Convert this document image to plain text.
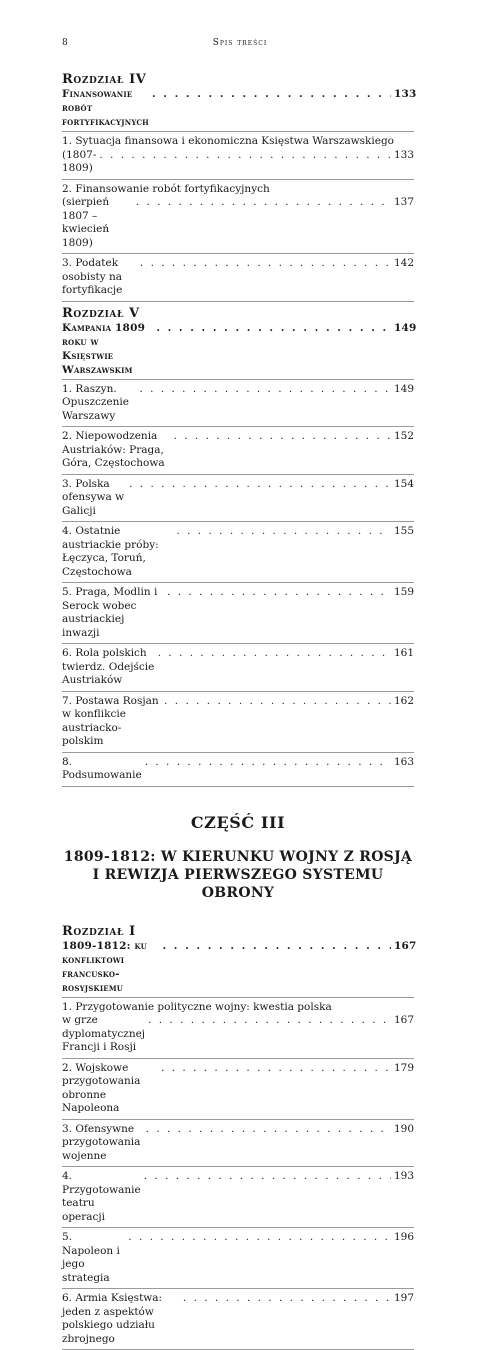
8	Spis treści
Rozdział IV
Finansowanie robót fortyfikacyjnych
. . .
133
1. Sytuacja finansowa i ekonomiczna Księstwa Warszawskiego
(1807-1809)
. . .
133
2. Finansowanie robót fortyfikacyjnych
(sierpień 1807 – kwiecień 1809)
. . .
137
3. Podatek osobisty na fortyfikacje
. . .
142
Rozdział V
Kampania 1809 roku w Księstwie Warszawskim
. . .
149
1. Raszyn. Opuszczenie Warszawy
. . .
149
2. Niepowodzenia Austriaków: Praga, Góra, Częstochowa
. . .
152
3. Polska ofensywa w Galicji
. . .
154
4. Ostatnie austriackie próby: Łęczyca, Toruń, Częstochowa
. . .
155
5. Praga, Modlin i Serock wobec austriackiej inwazji
. . .
159
6. Rola polskich twierdz. Odejście Austriaków
. . .
161
7. Postawa Rosjan w konflikcie austriacko-polskim
. . .
162
8. Podsumowanie
. . .
163
CZĘŚĆ III
1809-1812: W KIERUNKU WOJNY Z ROSJĄ
I REWIZJA PIERWSZEGO SYSTEMU OBRONY
Rozdział I
1809-1812: ku konfliktowi francusko- rosyjskiemu
. . .
167
1. Przygotowanie polityczne wojny: kwestia polska
w grze dyplomatycznej Francji i Rosji
. . .
167
2. Wojskowe przygotowania obronne Napoleona
. . .
179
3. Ofensywne przygotowania wojenne
. . .
190
4. Przygotowanie teatru operacji
. . .
193
5. Napoleon i jego strategia
. . .
196
6. Armia Księstwa: jeden z aspektów polskiego udziału zbrojnego
. . .
197
